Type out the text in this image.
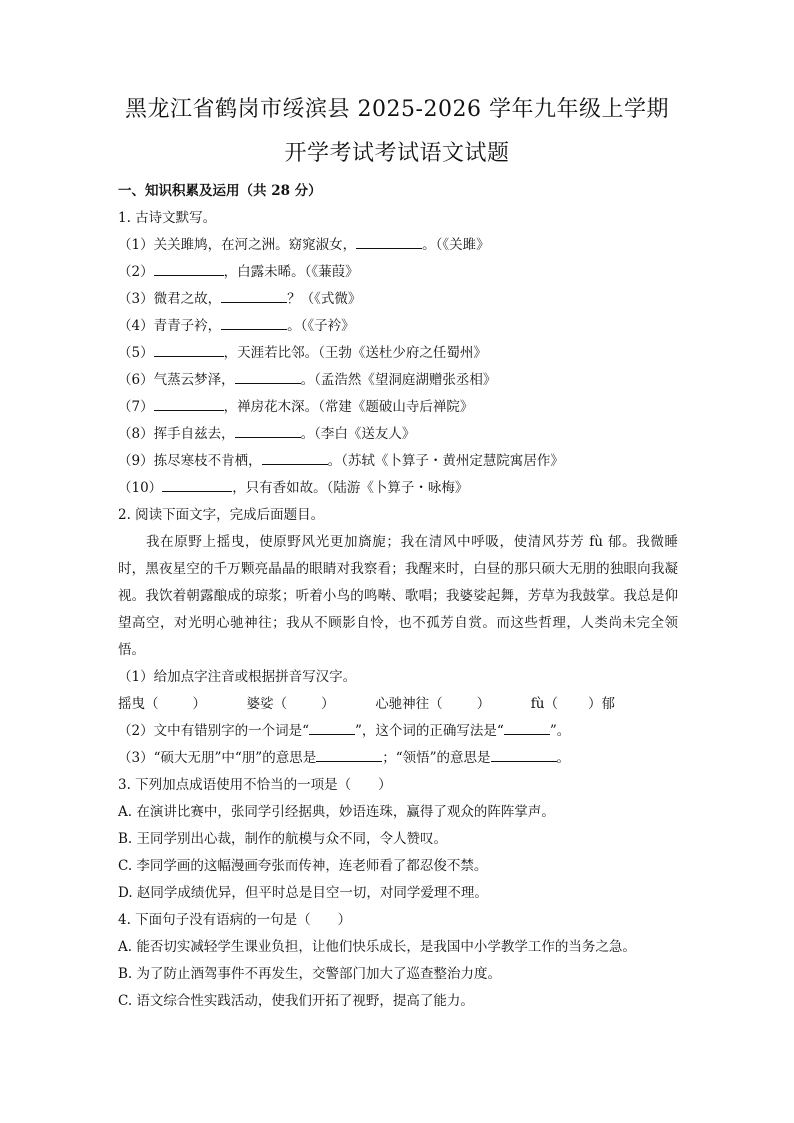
黑龙江省鹤岗市绥滨县 2025-2026 学年九年级上学期
开学考试考试语文试题
一、知识积累及运用（共 28 分）
1. 古诗文默写。
（1）关关雎鸠，在河之洲。窈窕淑女，	。（《关雎》
（2）	，白露未晞。（《蒹葭》
（3）微君之故，	？（《式微》
（4）青青子衿，	。（《子衿》
（5）	，天涯若比邻。（王勃《送杜少府之任蜀州》
（6）气蒸云梦泽，	。（孟浩然《望洞庭湖赠张丞相》
（7）	，禅房花木深。（常建《题破山寺后禅院》
（8）挥手自兹去，	。（李白《送友人》
（9）拣尽寒枝不肯栖，	。（苏轼《卜算子・黄州定慧院寓居作》
（10）	，只有香如故。（陆游《卜算子・咏梅》
2. 阅读下面文字，完成后面题目。
我在原野上摇曳，使原野风光更加旖旎；我在清风中呼吸，使清风芬芳 fù 郁。我微睡时，黑夜星空的千万颗亮晶晶的眼睛对我察看；我醒来时，白昼的那只硕大无朋的独眼向我凝视。我饮着朝露酿成的琼浆；听着小鸟的鸣啭、歌唱；我婆娑起舞，芳草为我鼓掌。我总是仰望高空，对光明心驰神往；我从不顾影自怜，也不孤芳自赏。而这些哲理，人类尚未完全领悟。
（1）给加点字注音或根据拼音写汉字。
摇曳（	）	婆娑（	）	心驰神往（	）	fù（ ）郁
（2）文中有错别字的一个词是“	”，这个词的正确写法是“	”。
（3）“硕大无朋”中“朋”的意思是	；“领悟”的意思是	。
3. 下列加点成语使用不恰当的一项是（　　）
A. 在演讲比赛中，张同学引经据典，妙语连珠，赢得了观众的阵阵掌声。
B. 王同学别出心裁，制作的航模与众不同，令人赞叹。
C. 李同学画的这幅漫画夸张而传神，连老师看了都忍俊不禁。
D. 赵同学成绩优异，但平时总是目空一切，对同学爱理不理。
4. 下面句子没有语病的一句是（　　）
A. 能否切实减轻学生课业负担，让他们快乐成长，是我国中小学教学工作的当务之急。
B. 为了防止酒驾事件不再发生，交警部门加大了巡查整治力度。
C. 语文综合性实践活动，使我们开拓了视野，提高了能力。
